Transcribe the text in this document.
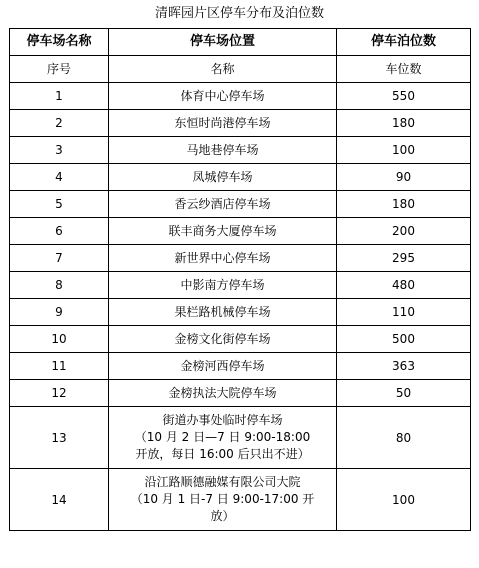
清晖园片区停车分布及泊位数
停车场名称	停车场位置	停车泊位数
序号	名称	车位数
1	体育中心停车场	550
2	东恒时尚港停车场	180
3	马地巷停车场	100
4	凤城停车场	90
5	香云纱酒店停车场	180
6	联丰商务大厦停车场	200
7	新世界中心停车场	295
8	中影南方停车场	480
9	果栏路机械停车场	110
10	金榜文化街停车场	500
11	金榜河西停车场	363
12	金榜执法大院停车场	50
13	街道办事处临时停车场
（10 月 2 日—7 日 9:00-18:00
开放，每日 16:00 后只出不进）	80
14	沿江路顺德融媒有限公司大院
（10 月 1 日-7 日 9:00-17:00 开
放）	100
